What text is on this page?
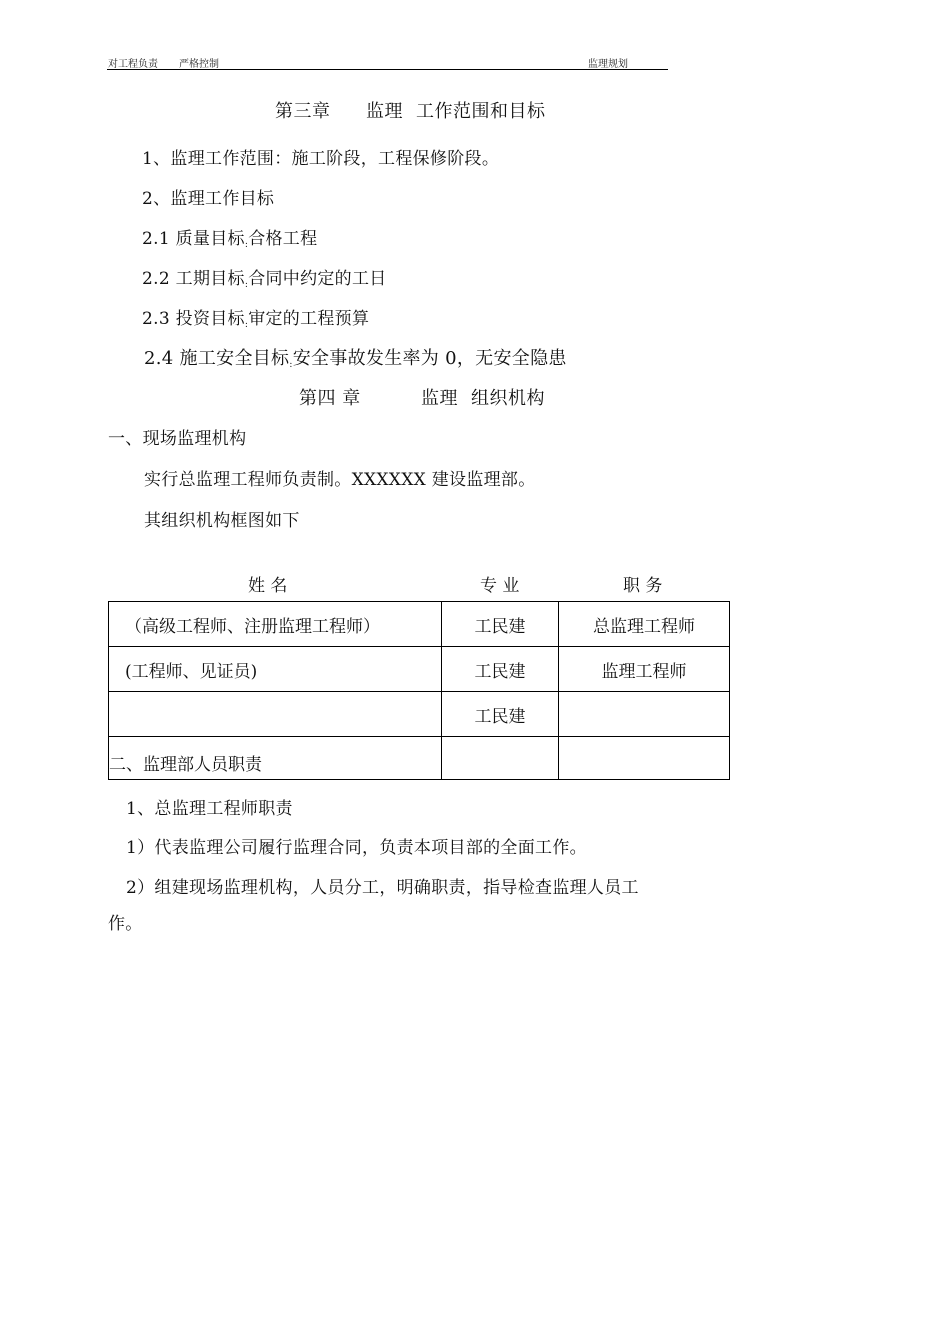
对工程负责 严格控制	监理规划
第三章 监理 工作范围和目标
1、监理工作范围：施工阶段，工程保修阶段。
2、监理工作目标
2.1 质量目标:合格工程
2.2 工期目标:合同中约定的工日
2.3 投资目标:审定的工程预算
2.4 施工安全目标:安全事故发生率为 0，无安全隐患
第四 章	监理 组织机构
一、现场监理机构
实行总监理工程师负责制。XXXXXX 建设监理部。
其组织机构框图如下
姓 名	专 业	职 务
（高级工程师、注册监理工程师）	工民建	总监理工程师
(工程师、见证员)	工民建	监理工程师
	工民建	
二、监理部人员职责		
1、总监理工程师职责
1）代表监理公司履行监理合同，负责本项目部的全面工作。
2）组建现场监理机构，人员分工，明确职责，指导检查监理人员工
作。
